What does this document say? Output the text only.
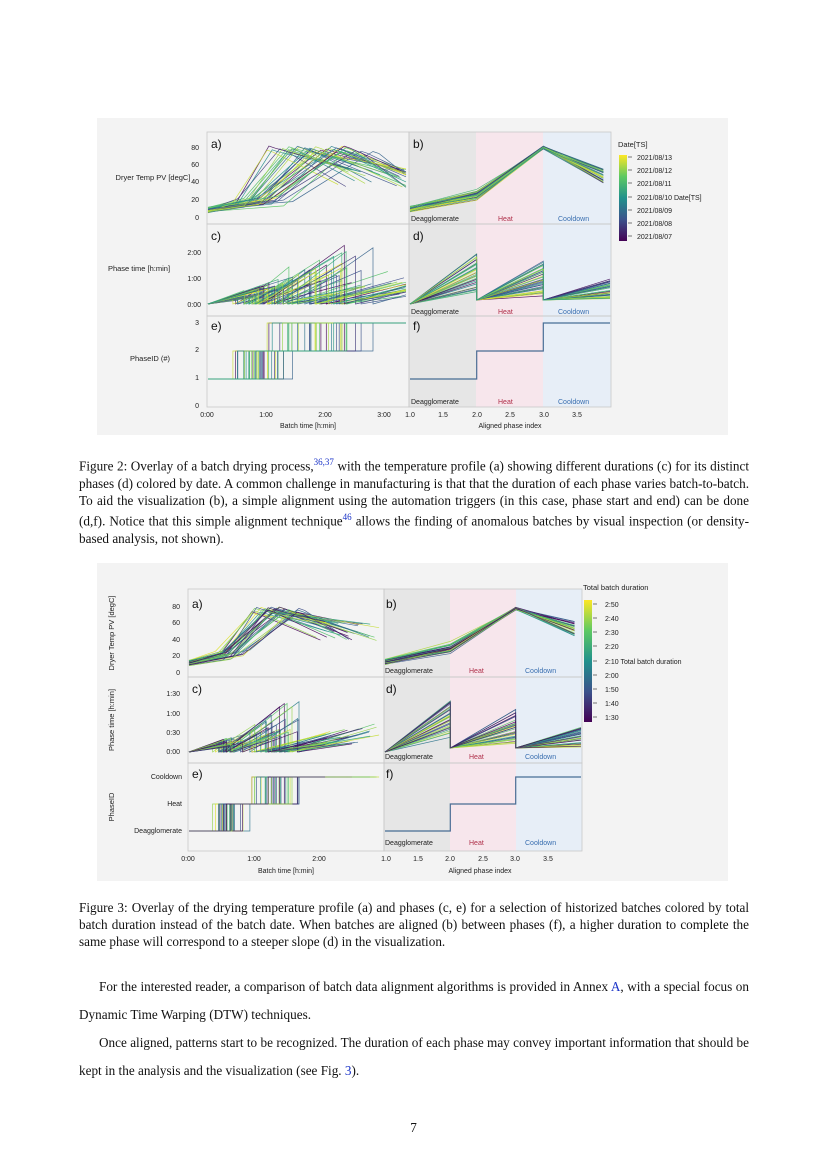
a)	b)
c)	d)
e)	f)
Dryer Temp PV [degC]
Phase time [h:min]
PhaseID (#)
80
60
40
20
0
2:00
1:00
0:00
3
2
1
0
0:00	1:00	2:00	3:00
Batch time [h:min]
1.0	1.5	2.0	2.5	3.0	3.5
Aligned phase index
Deagglomerate	Heat	Cooldown
Deagglomerate	Heat	Cooldown
Deagglomerate	Heat	Cooldown
Date[TS]
2021/08/13
2021/08/12
2021/08/11
2021/08/10 Date[TS]
2021/08/09
2021/08/08
2021/08/07
a)	b)
c)	d)
e)	f)
Dryer Temp PV [degC]
Phase time [h:min]
PhaseID
80
60
40
20
0
1:30
1:00
0:30
0:00
Cooldown
Heat
Deagglomerate
0:00	1:00	2:00
Batch time [h:min]
1.0	1.5	2.0	2.5	3.0	3.5
Aligned phase index
Deagglomerate	Heat	Cooldown
Deagglomerate	Heat	Cooldown
Deagglomerate	Heat	Cooldown
Total batch duration
2:50
2:40
2:30
2:20
2:10 Total batch duration
2:00
1:50
1:40
1:30

Figure 2: Overlay of a batch drying process,$^{36,37}$ with the temperature profile (a) showing different durations (c) for its distinct phases (d) colored by date. A common challenge in manufacturing is that that the duration of each phase varies batch-to-batch. To aid the visualization (b), a simple alignment using the automation triggers (in this case, phase start and end) can be done (d,f). Notice that this simple alignment technique$^{46}$ allows the finding of anomalous batches by visual inspection (or density-based analysis, not shown).

Figure 3: Overlay of the drying temperature profile (a) and phases (c, e) for a selection of historized batches colored by total batch duration instead of the batch date. When batches are aligned (b) between phases (f), a higher duration to complete the same phase will correspond to a steeper slope (d) in the visualization.

For the interested reader, a comparison of batch data alignment algorithms is provided in Annex A, with a special focus on Dynamic Time Warping (DTW) techniques.

Once aligned, patterns start to be recognized. The duration of each phase may convey important information that should be kept in the analysis and the visualization (see Fig. 3).

7
